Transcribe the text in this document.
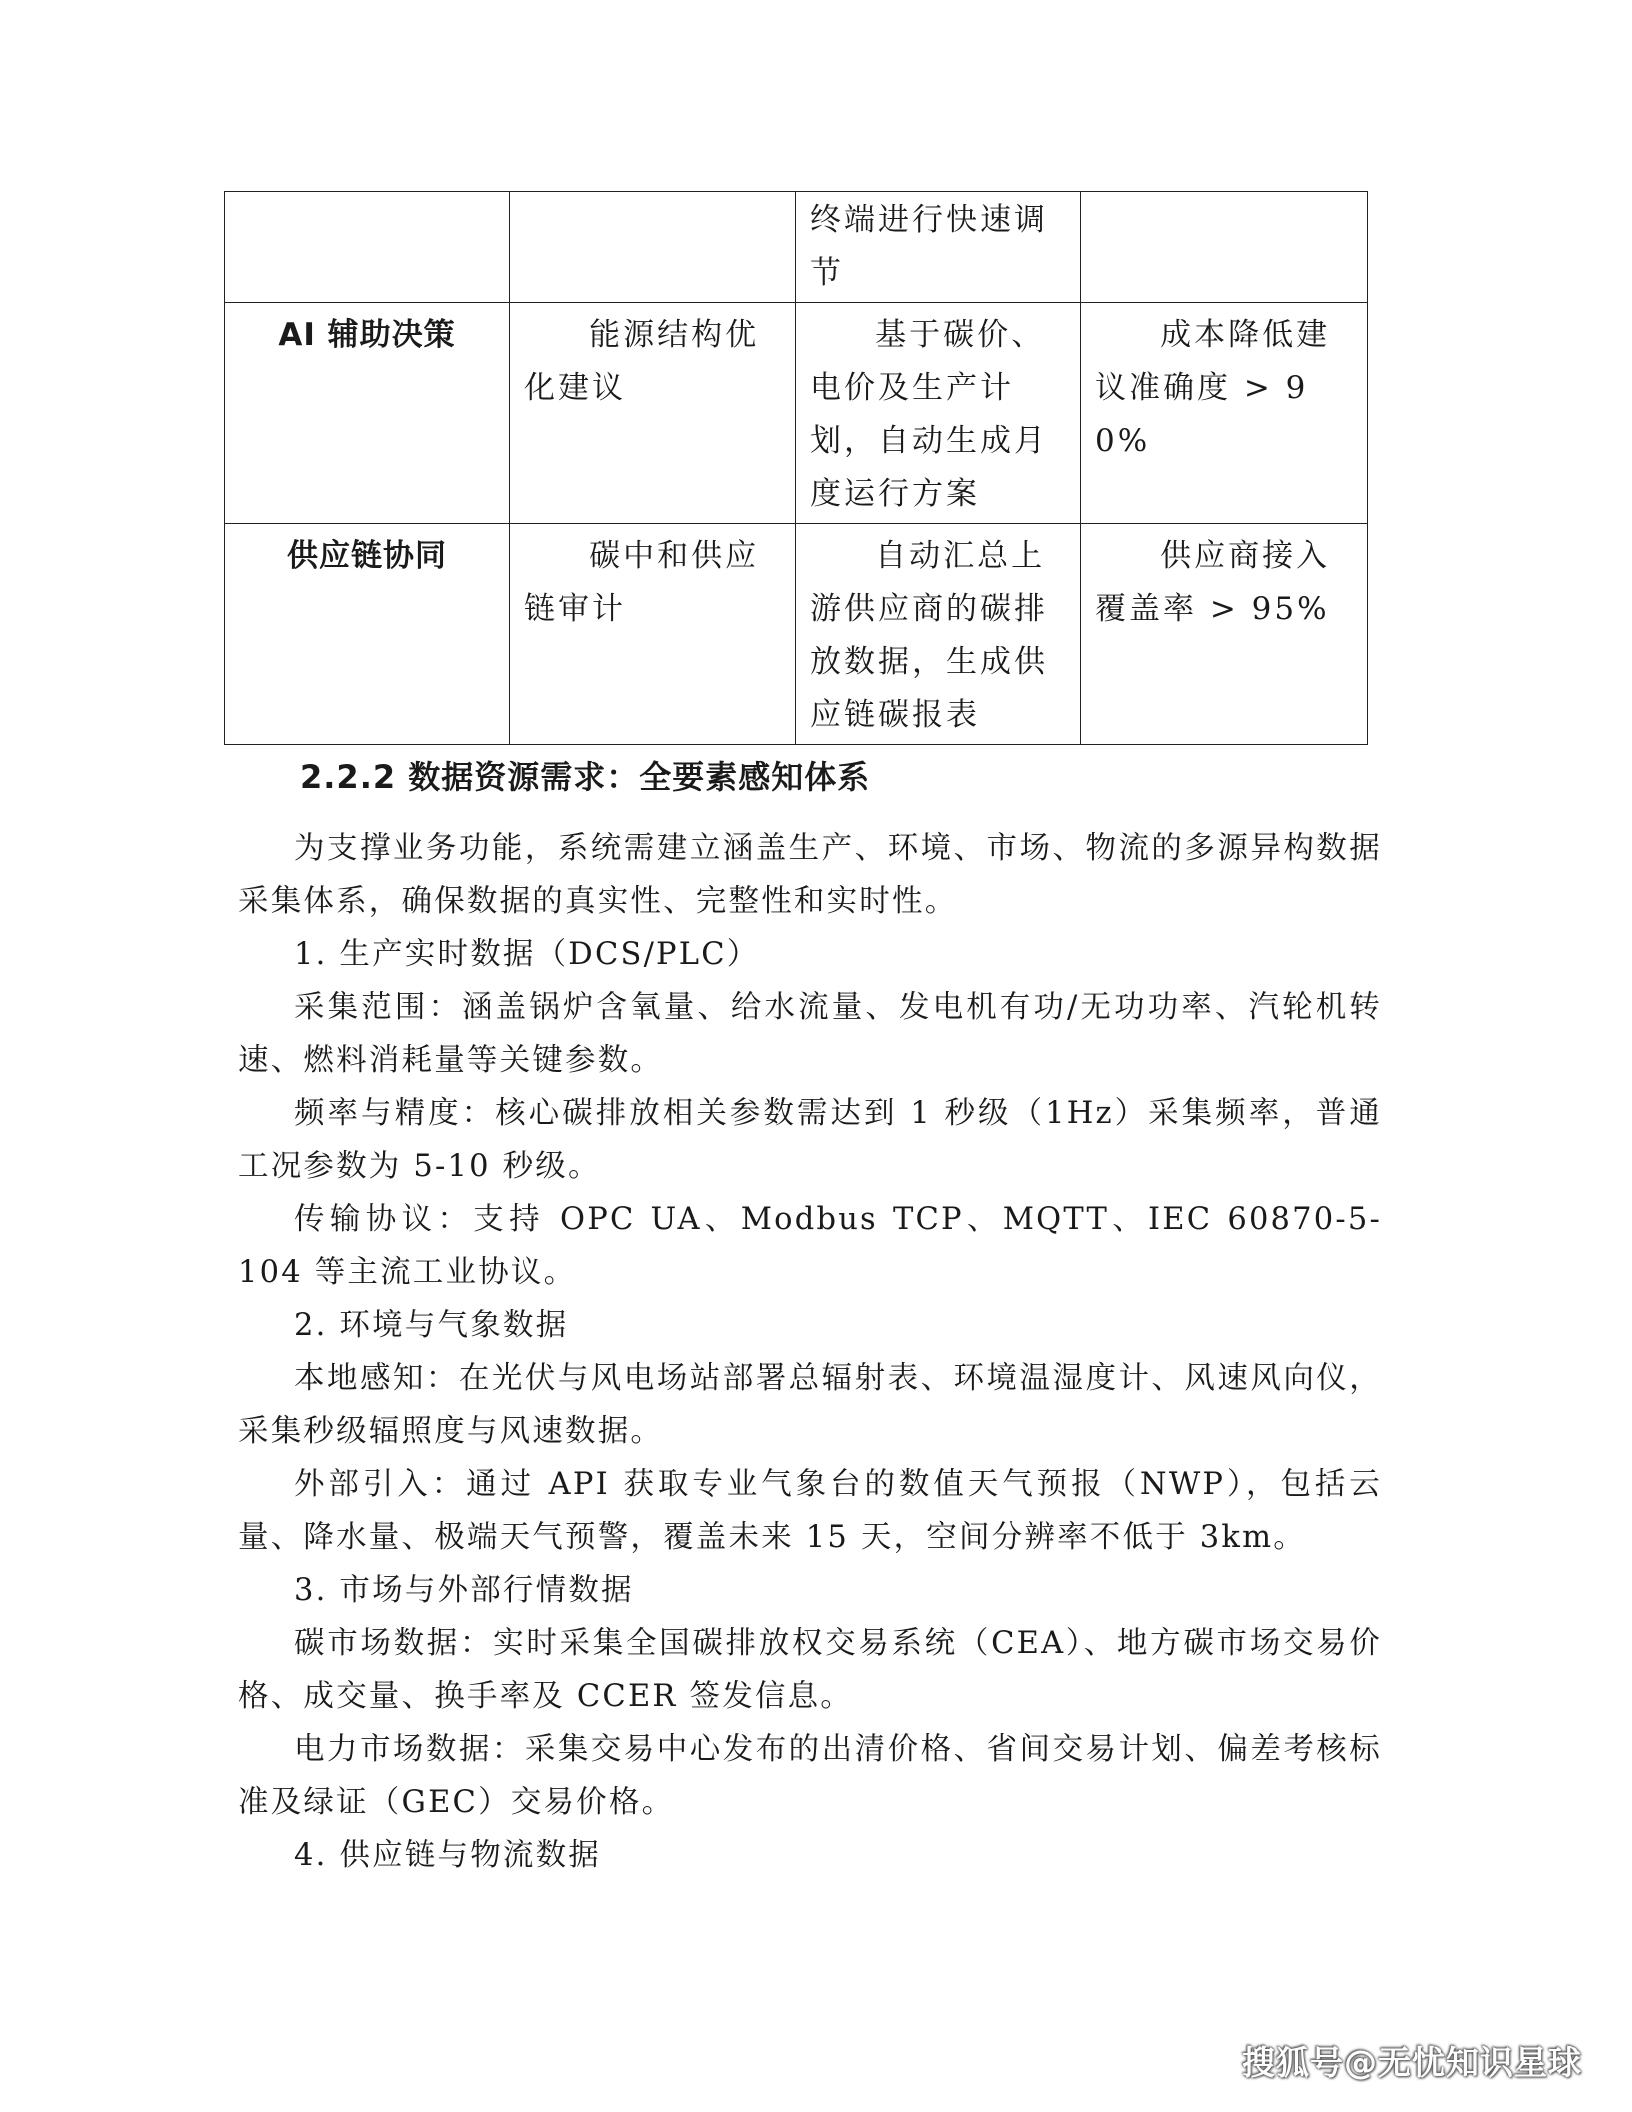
		终端进行快速调节	
AI 辅助决策	能源结构优化建议	基于碳价、电价及生产计划，自动生成月度运行方案	成本降低建议准确度 > 90%
供应链协同	碳中和供应链审计	自动汇总上游供应商的碳排放数据，生成供应链碳报表	供应商接入覆盖率 > 95%
2.2.2 数据资源需求：全要素感知体系

为支撑业务功能，系统需建立涵盖生产、环境、市场、物流的多源异构数据采集体系，确保数据的真实性、完整性和实时性。

1. 生产实时数据（DCS/PLC）

采集范围：涵盖锅炉含氧量、给水流量、发电机有功/无功功率、汽轮机转速、燃料消耗量等关键参数。

频率与精度：核心碳排放相关参数需达到 1 秒级（1Hz）采集频率，普通工况参数为 5-10 秒级。

传输协议：支持 OPC UA、Modbus TCP、MQTT、IEC 60870-5-104 等主流工业协议。

2. 环境与气象数据

本地感知：在光伏与风电场站部署总辐射表、环境温湿度计、风速风向仪，采集秒级辐照度与风速数据。

外部引入：通过 API 获取专业气象台的数值天气预报（NWP），包括云量、降水量、极端天气预警，覆盖未来 15 天，空间分辨率不低于 3km。

3. 市场与外部行情数据

碳市场数据：实时采集全国碳排放权交易系统（CEA）、地方碳市场交易价格、成交量、换手率及 CCER 签发信息。

电力市场数据：采集交易中心发布的出清价格、省间交易计划、偏差考核标准及绿证（GEC）交易价格。

4. 供应链与物流数据

搜狐号@无忧知识星球
